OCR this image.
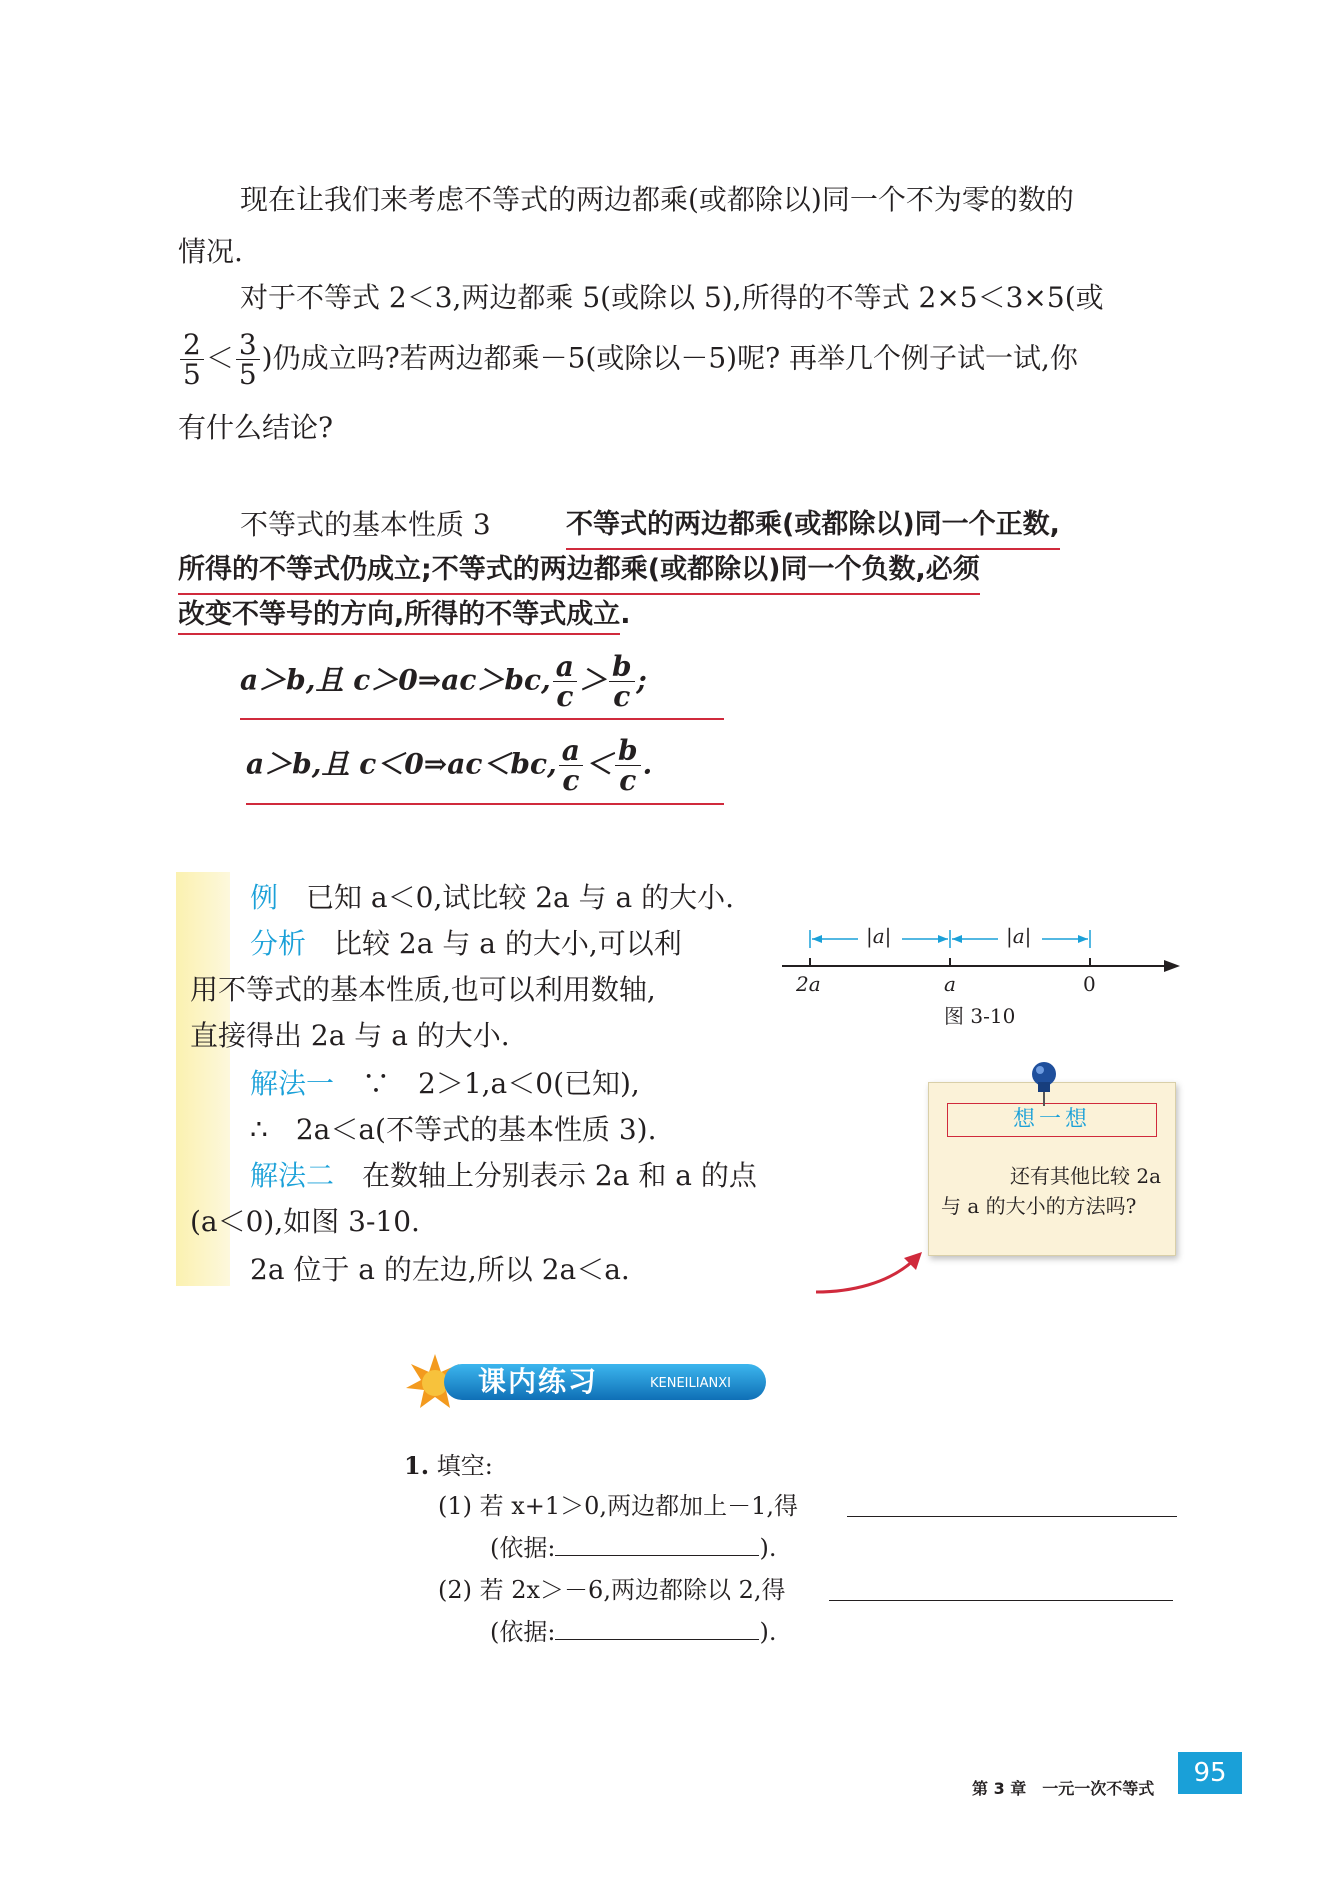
现在让我们来考虑不等式的两边都乘(或都除以)同一个不为零的数的
情况.
对于不等式 2＜3,两边都乘 5(或除以 5),所得的不等式 2×5＜3×5(或
$\frac{2}{5} < \frac{3}{5}$ )仍成立吗?若两边都乘－5(或除以－5)呢? 再举几个例子试一试,你
有什么结论?
不等式的基本性质 3	不等式的两边都乘(或都除以)同一个正数,
所得的不等式仍成立;不等式的两边都乘(或都除以)同一个负数,必须
改变不等号的方向,所得的不等式成立.
a＞b,且 c＞0⇒ac＞bc, $\frac{a}{c} > \frac{b}{c}$ ;
a＞b,且 c＜0⇒ac＜bc, $\frac{a}{c} < \frac{b}{c}$ .
例　 已知 a＜0,试比较 2a 与 a 的大小.
分析　 比较 2a 与 a 的大小,可以利
用不等式的基本性质,也可以利用数轴,
直接得出 2a 与 a 的大小.
解法一　 ∵　2＞1,a＜0(已知),
∴　2a＜a(不等式的基本性质 3).
解法二　 在数轴上分别表示 2a 和 a 的点
(a＜0),如图 3-10.
2a 位于 a 的左边,所以 2a＜a.
|a|	|a|
2a	a	0
图 3-10
想一想
还有其他比较 2a
与 a 的大小的方法吗?
课内练习	KENEILIANXI
1. 填空:
(1) 若 x+1＞0,两边都加上－1,得
(依据:	).
(2) 若 2x＞－6,两边都除以 2,得
(依据:	).
第 3 章　一元一次不等式
95
